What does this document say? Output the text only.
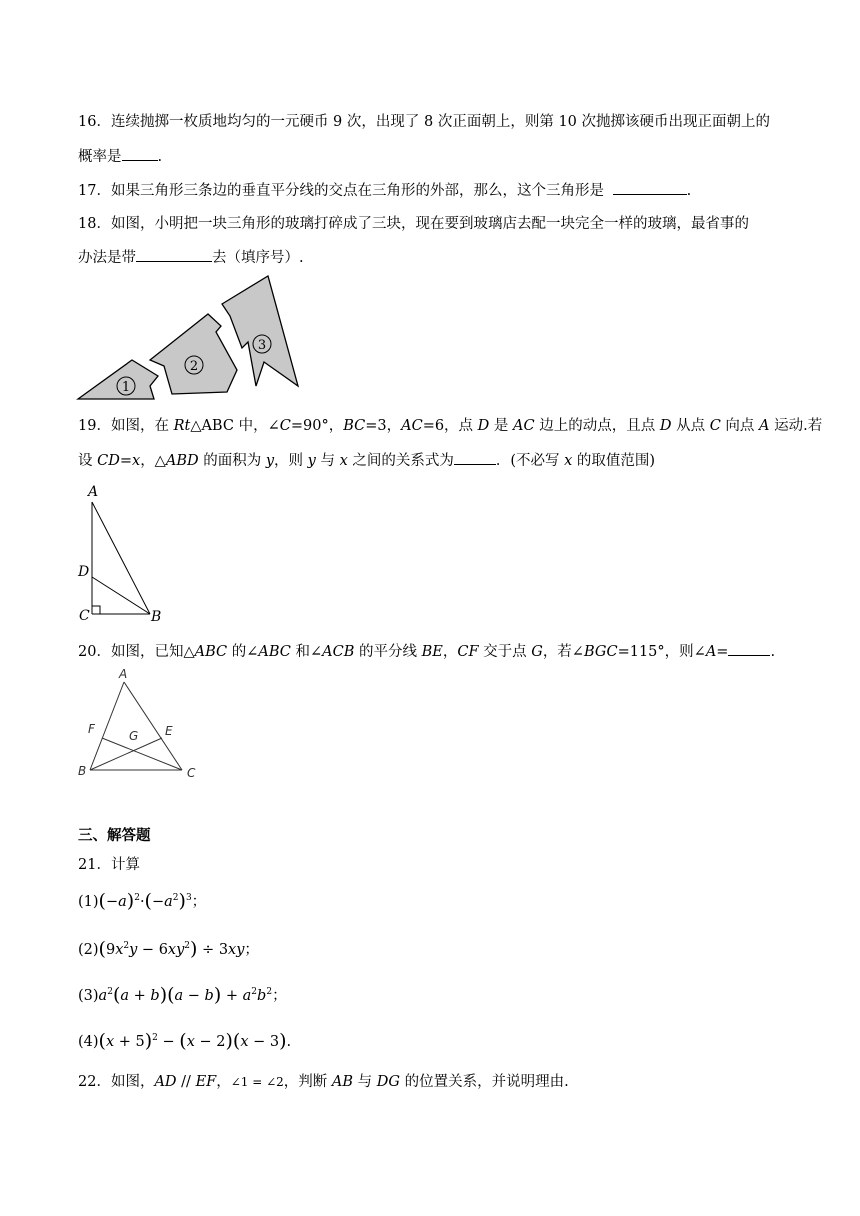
16．连续抛掷一枚质地均匀的一元硬币 9 次，出现了 8 次正面朝上，则第 10 次抛掷该硬币出现正面朝上的
概率是 .
17．如果三角形三条边的垂直平分线的交点在三角形的外部，那么，这个三角形是	.
18．如图，小明把一块三角形的玻璃打碎成了三块，现在要到玻璃店去配一块完全一样的玻璃，最省事的
办法是带	去（填序号）.
1
2
3
19．如图，在 Rt△ABC 中，∠C=90°，BC=3，AC=6，点 D 是 AC 边上的动点，且点 D 从点 C 向点 A 运动.若
设 CD=x，△ABD 的面积为 y，则 y 与 x 之间的关系式为	．(不必写 x 的取值范围)
A
D
C	B
20．如图，已知△ABC 的∠ABC 和∠ACB 的平分线 BE，CF 交于点 G，若∠BGC=115°，则∠A=	.
A
F	G E
B	C
三、解答题
21．计算
$(1)(-a)^2\cdot(-a^2)^3$；
$(2)(9x^2y - 6xy^2) \div 3xy$；
$(3)a^2(a + b)(a - b) + a^2b^2$；
$(4)(x + 5)^2 - (x - 2)(x - 3)$.
22．如图，AD // EF，∠1 = ∠2，判断 AB 与 DG 的位置关系，并说明理由.
